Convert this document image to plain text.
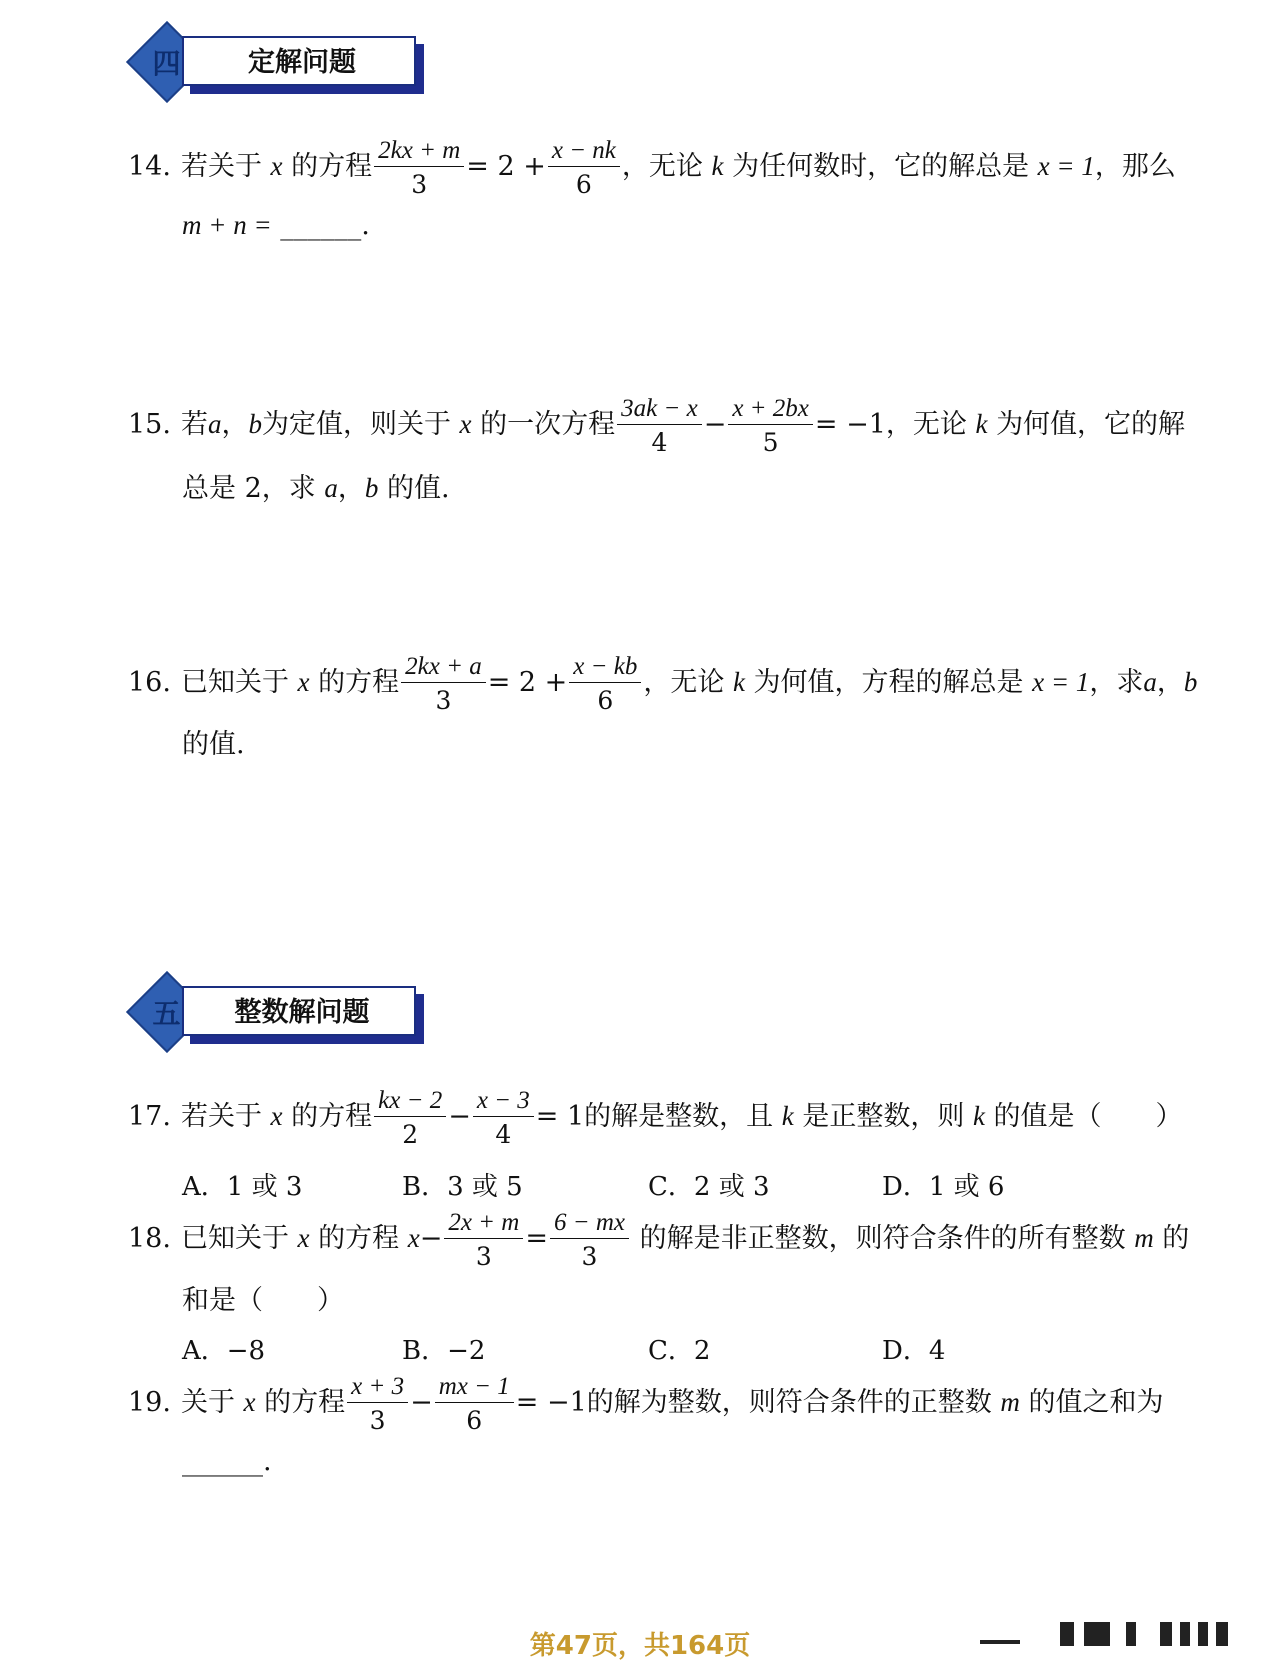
四	定解问题
14. 若关于 x 的方程 $\frac{2kx + m}{3} = 2 + \frac{x - nk}{6}$ ，无论 k 为任何数时，它的解总是 x = 1，那么
m + n = ______.
15. 若a，b为定值，则关于 x 的一次方程 $\frac{3ak - x}{4} - \frac{x + 2bx}{5} = -1$，无论 k 为何值，它的解
总是 2，求 a，b 的值.
16. 已知关于 x 的方程 $\frac{2kx + a}{3} = 2 + \frac{x - kb}{6}$ ，无论 k 为何值，方程的解总是 x = 1，求a，b
的值.
五	整数解问题
17. 若关于 x 的方程 $\frac{kx - 2}{2} - \frac{x - 3}{4} = 1$的解是整数，且 k 是正整数，则 k 的值是（　　）
A．1 或 3	B．3 或 5	C．2 或 3	D．1 或 6
18. 已知关于 x 的方程 $x- \frac{2x + m}{3} = \frac{6 - mx}{3}$ 的解是非正整数，则符合条件的所有整数 m 的
和是（　　）
A．−8	B．−2	C．2	D．4
19. 关于 x 的方程 $\frac{x + 3}{3} - \frac{mx - 1}{6} = -1$的解为整数，则符合条件的正整数 m 的值之和为
______.
第47页，共164页
